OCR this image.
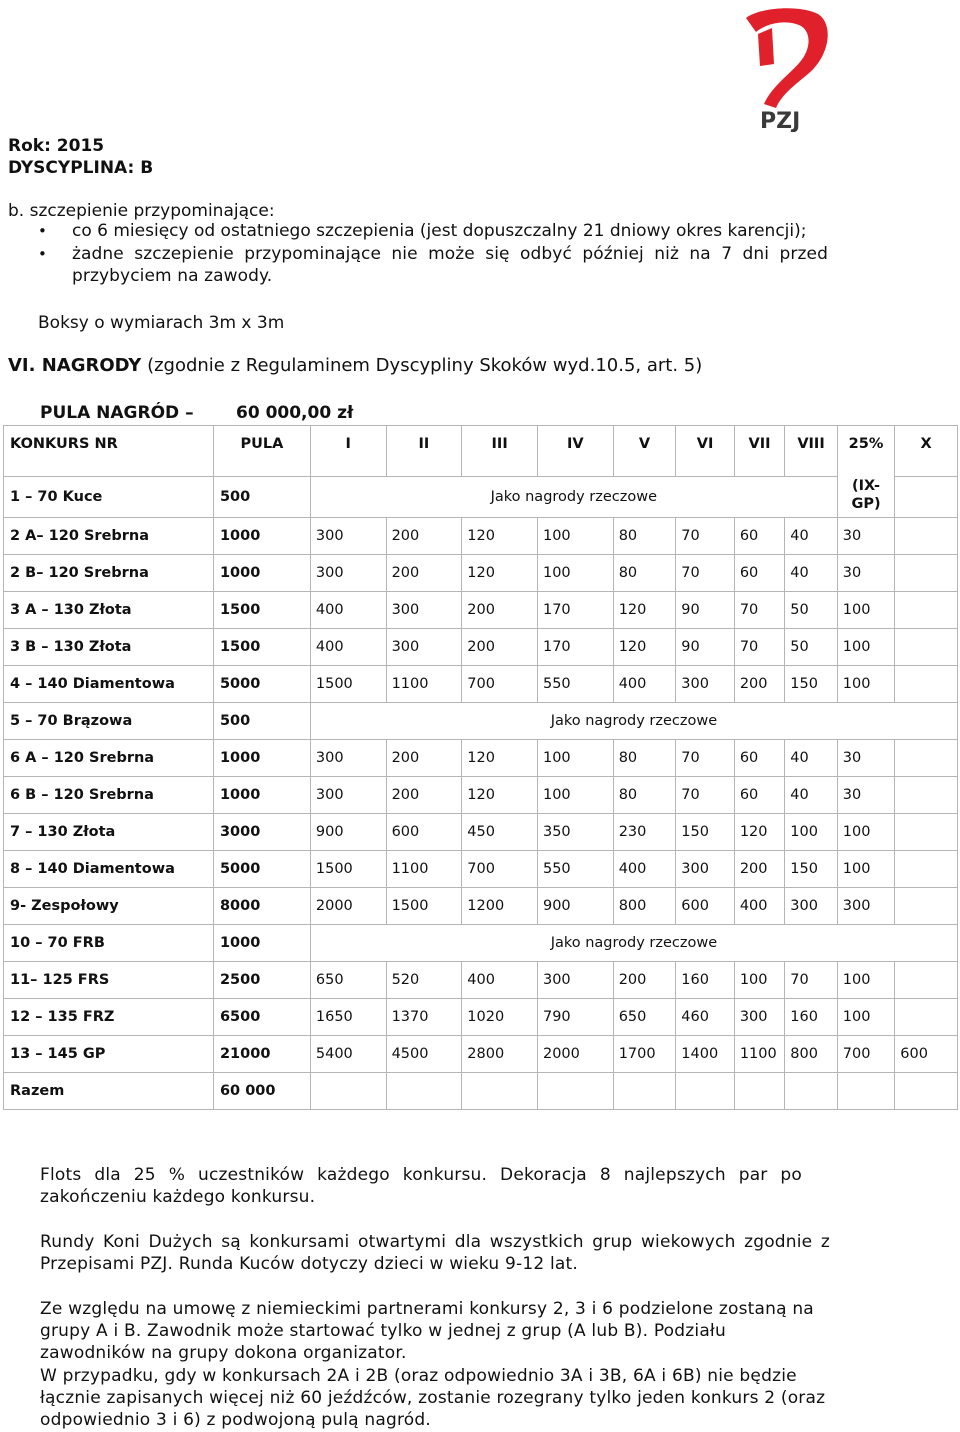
PZJ
Rok: 2015
DYSCYPLINA: B
b. szczepienie przypominające:
• co 6 miesięcy od ostatniego szczepienia (jest dopuszczalny 21 dniowy okres karencji);
• żadne szczepienie przypominające nie może się odbyć później niż na 7 dni przed przybyciem na zawody.
Boksy o wymiarach 3m x 3m
VI. NAGRODY (zgodnie z Regulaminem Dyscypliny Skoków wyd.10.5, art. 5)
PULA NAGRÓD – 60 000,00 zł
KONKURS NR	PULA	I	II	III	IV	V	VI	VII	VIII	25%	X
1 – 70 Kuce	500	Jako nagrody rzeczowe								(IX-GP)	
2 A– 120 Srebrna	1000	300	200	120	100	80	70	60	40	30	
2 B– 120 Srebrna	1000	300	200	120	100	80	70	60	40	30	
3 A – 130 Złota	1500	400	300	200	170	120	90	70	50	100	
3 B – 130 Złota	1500	400	300	200	170	120	90	70	50	100	
4 – 140 Diamentowa	5000	1500	1100	700	550	400	300	200	150	100	
5 – 70 Brązowa	500	Jako nagrody rzeczowe									
6 A – 120 Srebrna	1000	300	200	120	100	80	70	60	40	30	
6 B – 120 Srebrna	1000	300	200	120	100	80	70	60	40	30	
7 – 130 Złota	3000	900	600	450	350	230	150	120	100	100	
8 – 140 Diamentowa	5000	1500	1100	700	550	400	300	200	150	100	
9- Zespołowy	8000	2000	1500	1200	900	800	600	400	300	300	
10 – 70 FRB	1000	Jako nagrody rzeczowe									
11– 125 FRS	2500	650	520	400	300	200	160	100	70	100	
12 – 135 FRZ	6500	1650	1370	1020	790	650	460	300	160	100	
13 – 145 GP	21000	5400	4500	2800	2000	1700	1400	1100	800	700	600
Razem	60 000										
Flots dla 25 % uczestników każdego konkursu. Dekoracja 8 najlepszych par po zakończeniu każdego konkursu.
Rundy Koni Dużych są konkursami otwartymi dla wszystkich grup wiekowych zgodnie z Przepisami PZJ. Runda Kuców dotyczy dzieci w wieku 9-12 lat.
Ze względu na umowę z niemieckimi partnerami konkursy 2, 3 i 6 podzielone zostaną na grupy A i B. Zawodnik może startować tylko w jednej z grup (A lub B). Podziału zawodników na grupy dokona organizator.
W przypadku, gdy w konkursach 2A i 2B (oraz odpowiednio 3A i 3B, 6A i 6B) nie będzie łącznie zapisanych więcej niż 60 jeźdźców, zostanie rozegrany tylko jeden konkurs 2 (oraz odpowiednio 3 i 6) z podwojoną pulą nagród.
